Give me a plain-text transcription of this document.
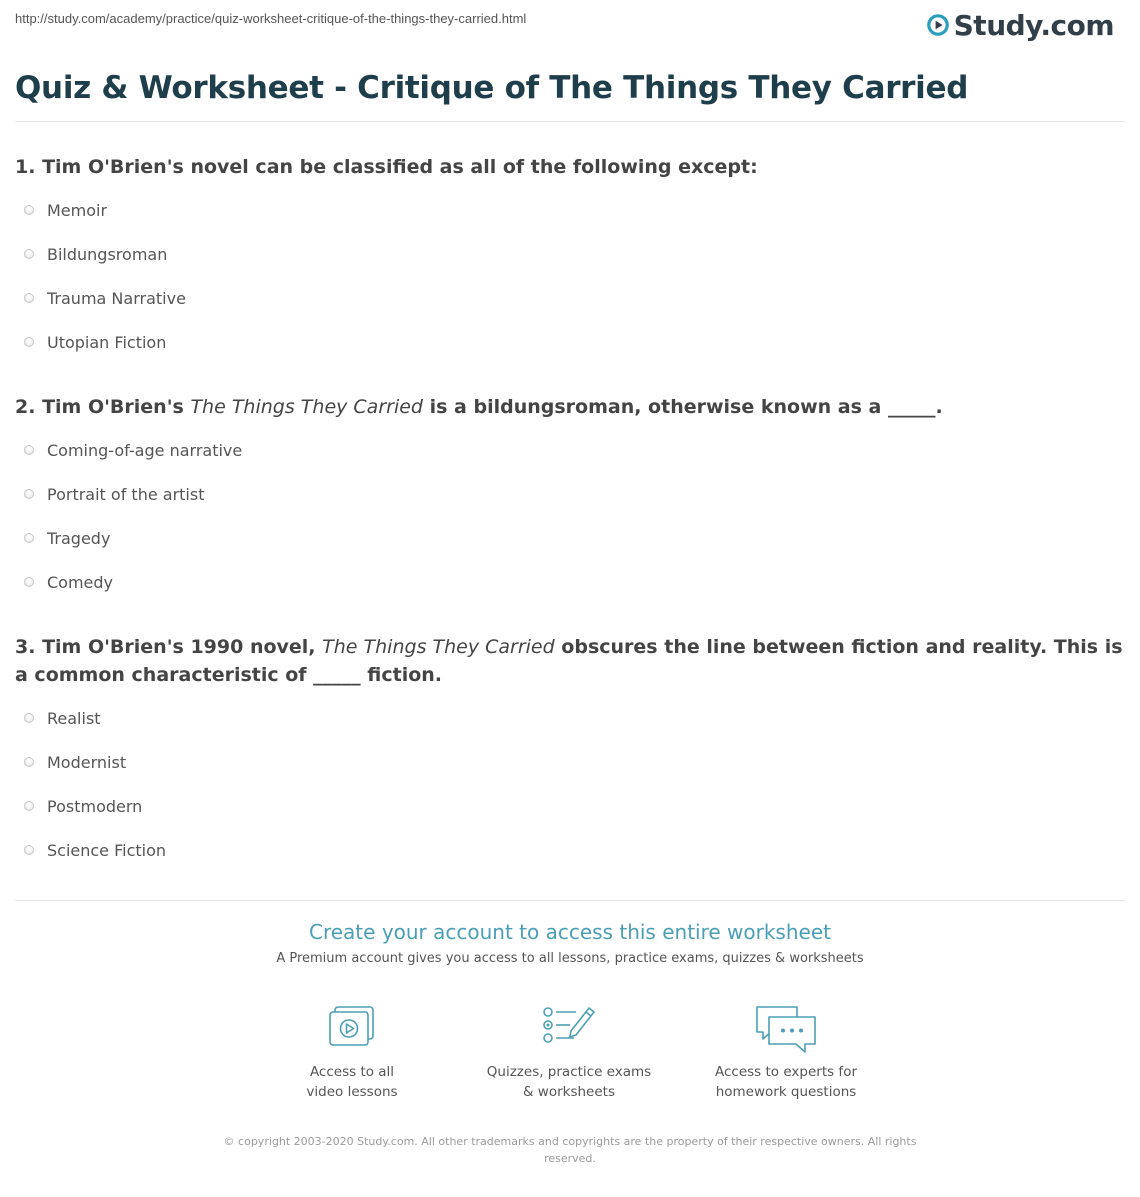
http://study.com/academy/practice/quiz-worksheet-critique-of-the-things-they-carried.html	Study.com
Quiz & Worksheet - Critique of The Things They Carried

1. Tim O'Brien's novel can be classified as all of the following except:

Memoir
Bildungsroman
Trauma Narrative
Utopian Fiction

2. Tim O'Brien's The Things They Carried is a bildungsroman, otherwise known as a _____.

Coming-of-age narrative
Portrait of the artist
Tragedy
Comedy

3. Tim O'Brien's 1990 novel, The Things They Carried obscures the line between fiction and reality. This is a common characteristic of _____ fiction.

Realist
Modernist
Postmodern
Science Fiction
Create your account to access this entire worksheet
A Premium account gives you access to all lessons, practice exams, quizzes & worksheets
Access to all
video lessons
Quizzes, practice exams
& worksheets
Access to experts for
homework questions
© copyright 2003-2020 Study.com. All other trademarks and copyrights are the property of their respective owners. All rights reserved.
